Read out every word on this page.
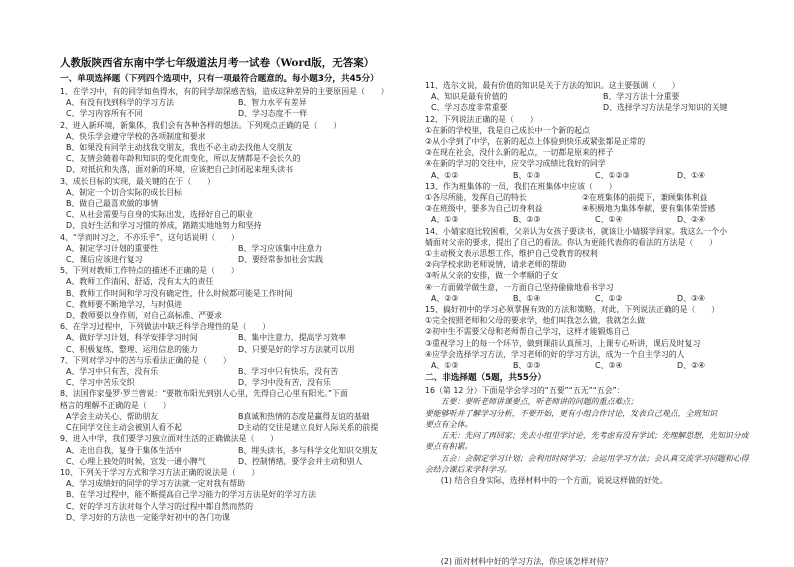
人教版陕西省东南中学七年级道法月考一试卷（Word版，无答案）
一、单项选择题（下列四个选项中，只有一项最符合题意的。每小题3分，共45分）
1、在学习中，有的同学如鱼得水，有的同学却深感苦恼，造成这种差异的主要原因是（　　）
A、有没有找到科学的学习方法	B、智力水平有差异
C、学习内容所有不同	D、学习态度不一样
2、进入新环境，新集体，我们会有各种各样的想法。下列观点正确的是（　　）
A、快乐学会遵守学校的各项制度和要求
B、如果没有同学主动找我交朋友，我也不必主动去找他人交朋友
C、友情会随着年龄和知识的变化而变化，所以友情都是不会长久的
D、对抵抗和失落，面对新的环境，应该把自己封闭起来埋头读书
3、成长目标的实现，最关键的在于（　　）
A、制定一个切合实际的成长目标
B、做自己最喜欢做的事情
C、从社会需要与自身的实际出发，选择好自己的职业
D、良好生活和学习习惯的养成，踏踏实地地努力和坚持
4、“学而时习之，不亦乐乎”，这句话说明（　　）
A、制定学习计划的重要性	B、学习应该集中注意力
C、课后应该进行复习	D、要经常参加社会实践
5、下列对教师工作特点的描述不正确的是（　　）
A、教师工作清闲、舒适，没有太大的责任
B、教师工作时间和学习没有确定性，什么时候都可能是工作时间
C、教师要不断地学习，与时俱进
D、教师要以身作则，对自己高标准、严要求
6、在学习过程中，下列做法中缺乏科学合理性的是（　　）
A、做好学习计划，科学安排学习时间	B、集中注意力，提高学习效率
C、积极复练、整理、运用信息的能力	D、只要是好的学习方法就可以用
7、下列对学习中的苦与乐看法正确的是（　　）
A、学习中只有苦，没有乐	B、学习中只有快乐，没有苦
C、学习中苦乐交织	D、学习中没有苦，没有乐
8、法国作家曼罗·罗兰曾说：“要散布阳光到别人心里，先得自己心里有阳光。”下面
格言的理解不正确的是（　　）
A学会主动关心、帮助朋友	B真诚和热情的态度是赢得友谊的基础
C在同学交往主动会被别人看不起	D主动的交往是建立良好人际关系的前提
9、进入中学，我们要学习独立面对生活的正确做法是（　　）
A、走出自我，复身于集体生活中	B、埋头读书，多与科学文化知识交朋友
C、心理上独处的时候，宣发一通小脾气	D、控制情绪，要学会并主动和别人
10、下列关于学习方式和学习方法正确的说法是（　　）
A、学习成绩好的同学的学习方法就一定对我有帮助
B、在学习过程中，能不断提高自己学习能力的学习方法是好的学习方法
C、好的学习方法对每个人学习的过程中都自然而然的
D、学习好的方法也一定能学好初中的各门功课
11、选尔文说，最有价值的知识是关于方法的知识。这主要强调（　　）
A、知识是最有价值的	B、学习方法十分重要
C、学习态度非常重要	D、选择学习方法是学习知识的关键
12、下列说法正确的是（　　）
①在新的学校里，我是自己成长中一个新的起点
②从小学到了中学，在新的起点上体验到快乐或紧张都是正常的
③在现在社会，没什么新的起点，一切都是原来的样子
④在新的学习的交往中，应交学习成绩比我好的同学
A、①②	B、①③	C、①②③	D、①④
13、作为班集体的一员，我们在班集体中应该（　　）
①各尽所能，发挥自己的特长　　　　　　　②在班集体的前提下，兼顾集体利益
③在班级中，要多为自己切身利益　　　　　④积极地为集体奉献，要有集体荣誉感
A、①③	B、②③	C、①④	D、②④
14、小婧家庭比较困难，父亲认为女孩子要读书，就该让小婧辍学回家。我这么一个小
婧面对父亲的要求，提出了自己的看法。你认为更能代表你的看法的方法是（　　）
①主动极文表示思想工作，维护自己受教育的权利
②向学校求助老师说情，请求老师的帮助
③听从父亲的安排，做一个孝顺的子女
④一方面做学做生意，一方面自己坚持偷偷地看书学习
A、②③	B、①④	C、①②	D、③④
15、搞好初中的学习必须掌握有效的方法和策略，对此，下列说法正确的是（　　）
①完全按照老师和父母的要求学，他们叫我怎么做，我就怎么做
②初中生不需要父母和老师帮自己学习，这样才能锻炼自己
③重视学习上的每一个环节，做到课前认真预习，上课专心听讲，课后及时复习
④应学会选择学习方法，学习老师的好的学习方法，成为一个自主学习的人
A、①③	B、②③	C、③④	D、②④
二、非选择题（5题，共55分）
16（第 12 分）下面是学会学习的“五要”“五无”“五会”：
　　五要：要听老师讲课要点，听老师讲的问题的重点难点；
要能够听并了解学习分析，不要开始，更有小组合作讨论，发表自己观点，全班知识
要点有全体。
　　五无：先问了再回家；先去小组里学讨论，先考虑有没有学试；先理解思想，先知识分成
要点有积累。
　　五会：会制定学习计划；会利用时间学习；会运用学习方法；会认真交流学习问题和心得
会结合课后来学科学习。
　　(1) 结合自身实际，选择材料中的一个方面，说说这样做的好处。
　　(2) 面对材料中好的学习方法，你应该怎样对待？
